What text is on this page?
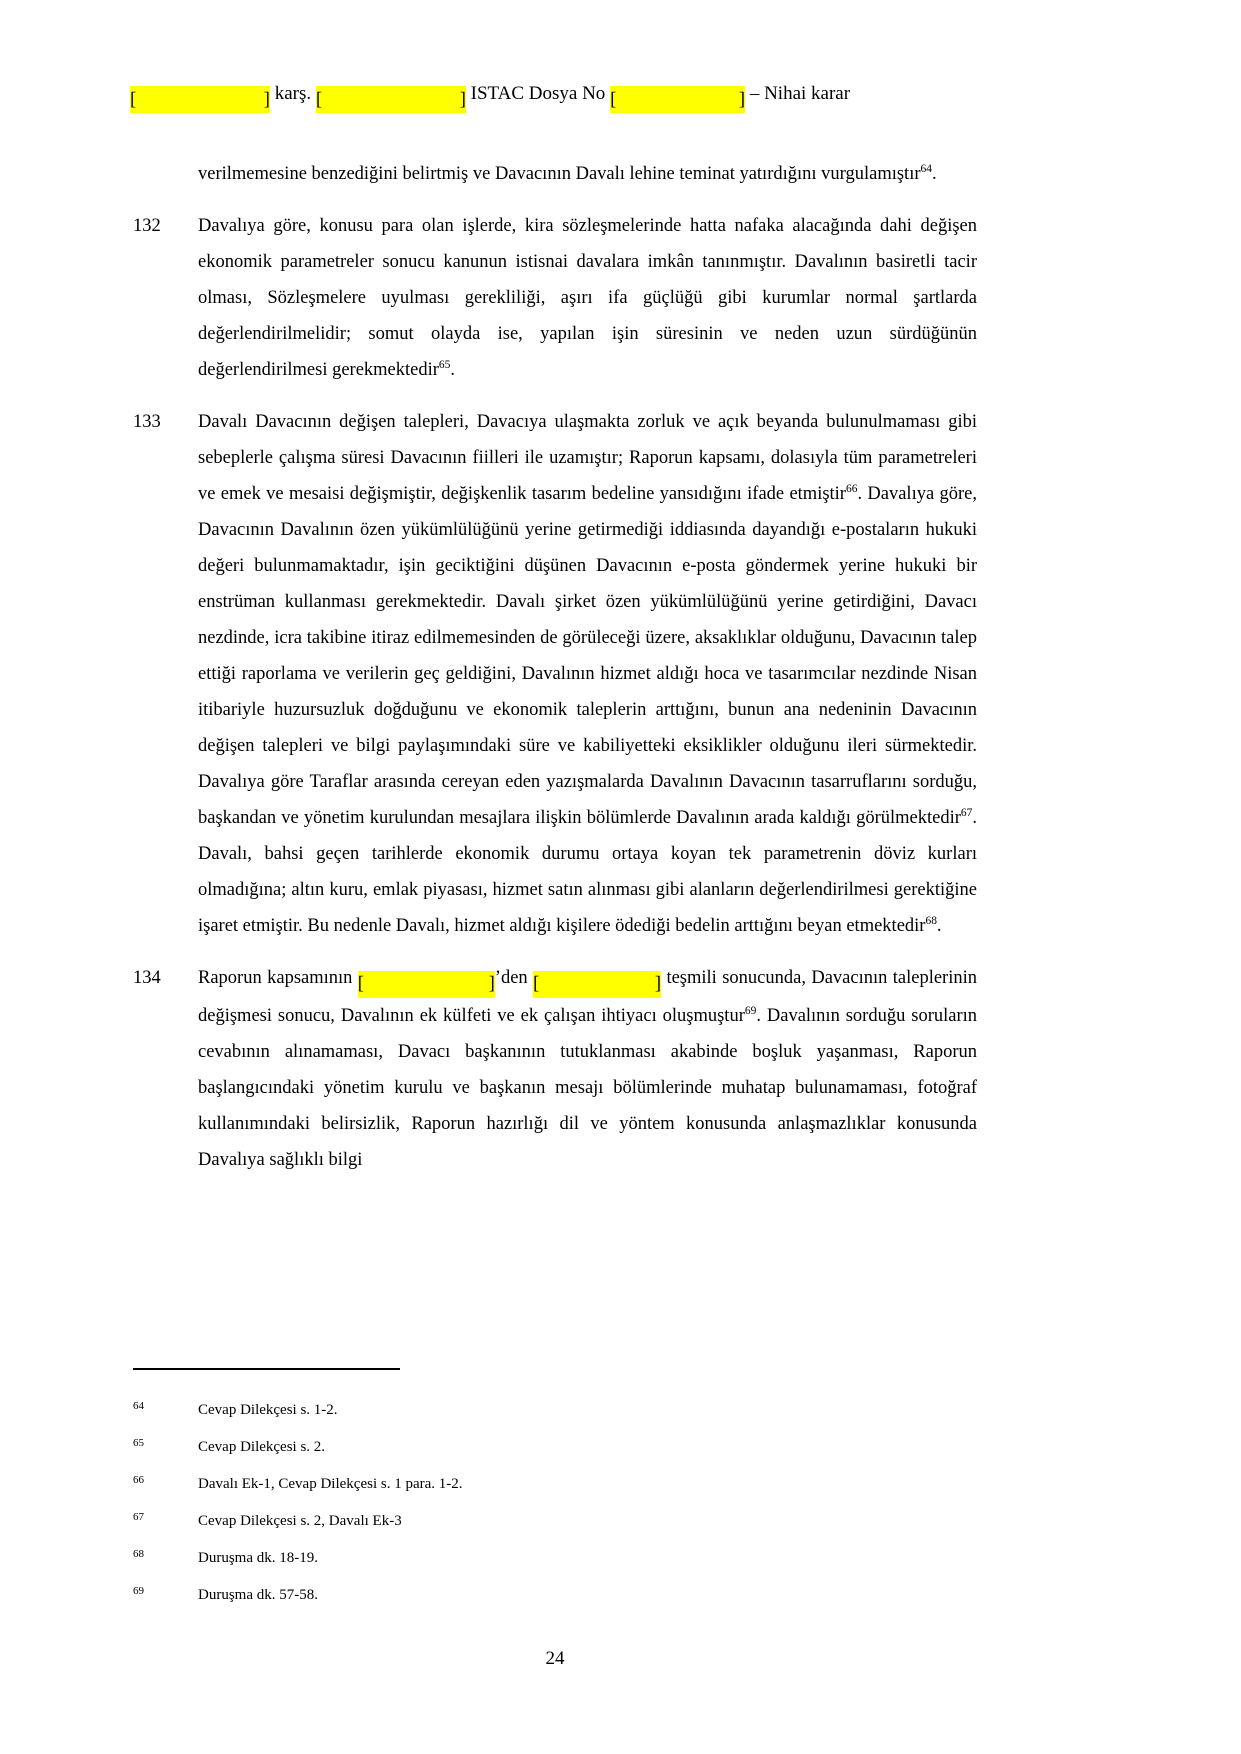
[	] karş. [	] ISTAC Dosya No [	] – Nihai karar
verilmemesine benzediğini belirtmiş ve Davacının Davalı lehine teminat yatırdığını vurgulamıştır$^{64}$.
132	Davalıya göre, konusu para olan işlerde, kira sözleşmelerinde hatta nafaka alacağında dahi değişen ekonomik parametreler sonucu kanunun istisnai davalara imkân tanınmıştır. Davalının basiretli tacir olması, Sözleşmelere uyulması gerekliliği, aşırı ifa güçlüğü gibi kurumlar normal şartlarda değerlendirilmelidir; somut olayda ise, yapılan işin süresinin ve neden uzun sürdüğünün değerlendirilmesi gerekmektedir$^{65}$.
133	Davalı Davacının değişen talepleri, Davacıya ulaşmakta zorluk ve açık beyanda bulunulmaması gibi sebeplerle çalışma süresi Davacının fiilleri ile uzamıştır; Raporun kapsamı, dolasıyla tüm parametreleri ve emek ve mesaisi değişmiştir, değişkenlik tasarım bedeline yansıdığını ifade etmiştir$^{66}$. Davalıya göre, Davacının Davalının özen yükümlülüğünü yerine getirmediği iddiasında dayandığı e-postaların hukuki değeri bulunmamaktadır, işin geciktiğini düşünen Davacının e-posta göndermek yerine hukuki bir enstrüman kullanması gerekmektedir. Davalı şirket özen yükümlülüğünü yerine getirdiğini, Davacı nezdinde, icra takibine itiraz edilmemesinden de görüleceği üzere, aksaklıklar olduğunu, Davacının talep ettiği raporlama ve verilerin geç geldiğini, Davalının hizmet aldığı hoca ve tasarımcılar nezdinde Nisan itibariyle huzursuzluk doğduğunu ve ekonomik taleplerin arttığını, bunun ana nedeninin Davacının değişen talepleri ve bilgi paylaşımındaki süre ve kabiliyetteki eksiklikler olduğunu ileri sürmektedir. Davalıya göre Taraflar arasında cereyan eden yazışmalarda Davalının Davacının tasarruflarını sorduğu, başkandan ve yönetim kurulundan mesajlara ilişkin bölümlerde Davalının arada kaldığı görülmektedir$^{67}$. Davalı, bahsi geçen tarihlerde ekonomik durumu ortaya koyan tek parametrenin döviz kurları olmadığına; altın kuru, emlak piyasası, hizmet satın alınması gibi alanların değerlendirilmesi gerektiğine işaret etmiştir. Bu nedenle Davalı, hizmet aldığı kişilere ödediği bedelin arttığını beyan etmektedir$^{68}$.
134	Raporun kapsamının [	] ’den [	] teşmili sonucunda, Davacının taleplerinin değişmesi sonucu, Davalının ek külfeti ve ek çalışan ihtiyacı oluşmuştur$^{69}$. Davalının sorduğu soruların cevabının alınamaması, Davacı başkanının tutuklanması akabinde boşluk yaşanması, Raporun başlangıcındaki yönetim kurulu ve başkanın mesajı bölümlerinde muhatap bulunamaması, fotoğraf kullanımındaki belirsizlik, Raporun hazırlığı dil ve yöntem konusunda anlaşmazlıklar konusunda Davalıya sağlıklı bilgi
64	Cevap Dilekçesi s. 1-2.
65	Cevap Dilekçesi s. 2.
66	Davalı Ek-1, Cevap Dilekçesi s. 1 para. 1-2.
67	Cevap Dilekçesi s. 2, Davalı Ek-3
68	Duruşma dk. 18-19.
69	Duruşma dk. 57-58.
24
